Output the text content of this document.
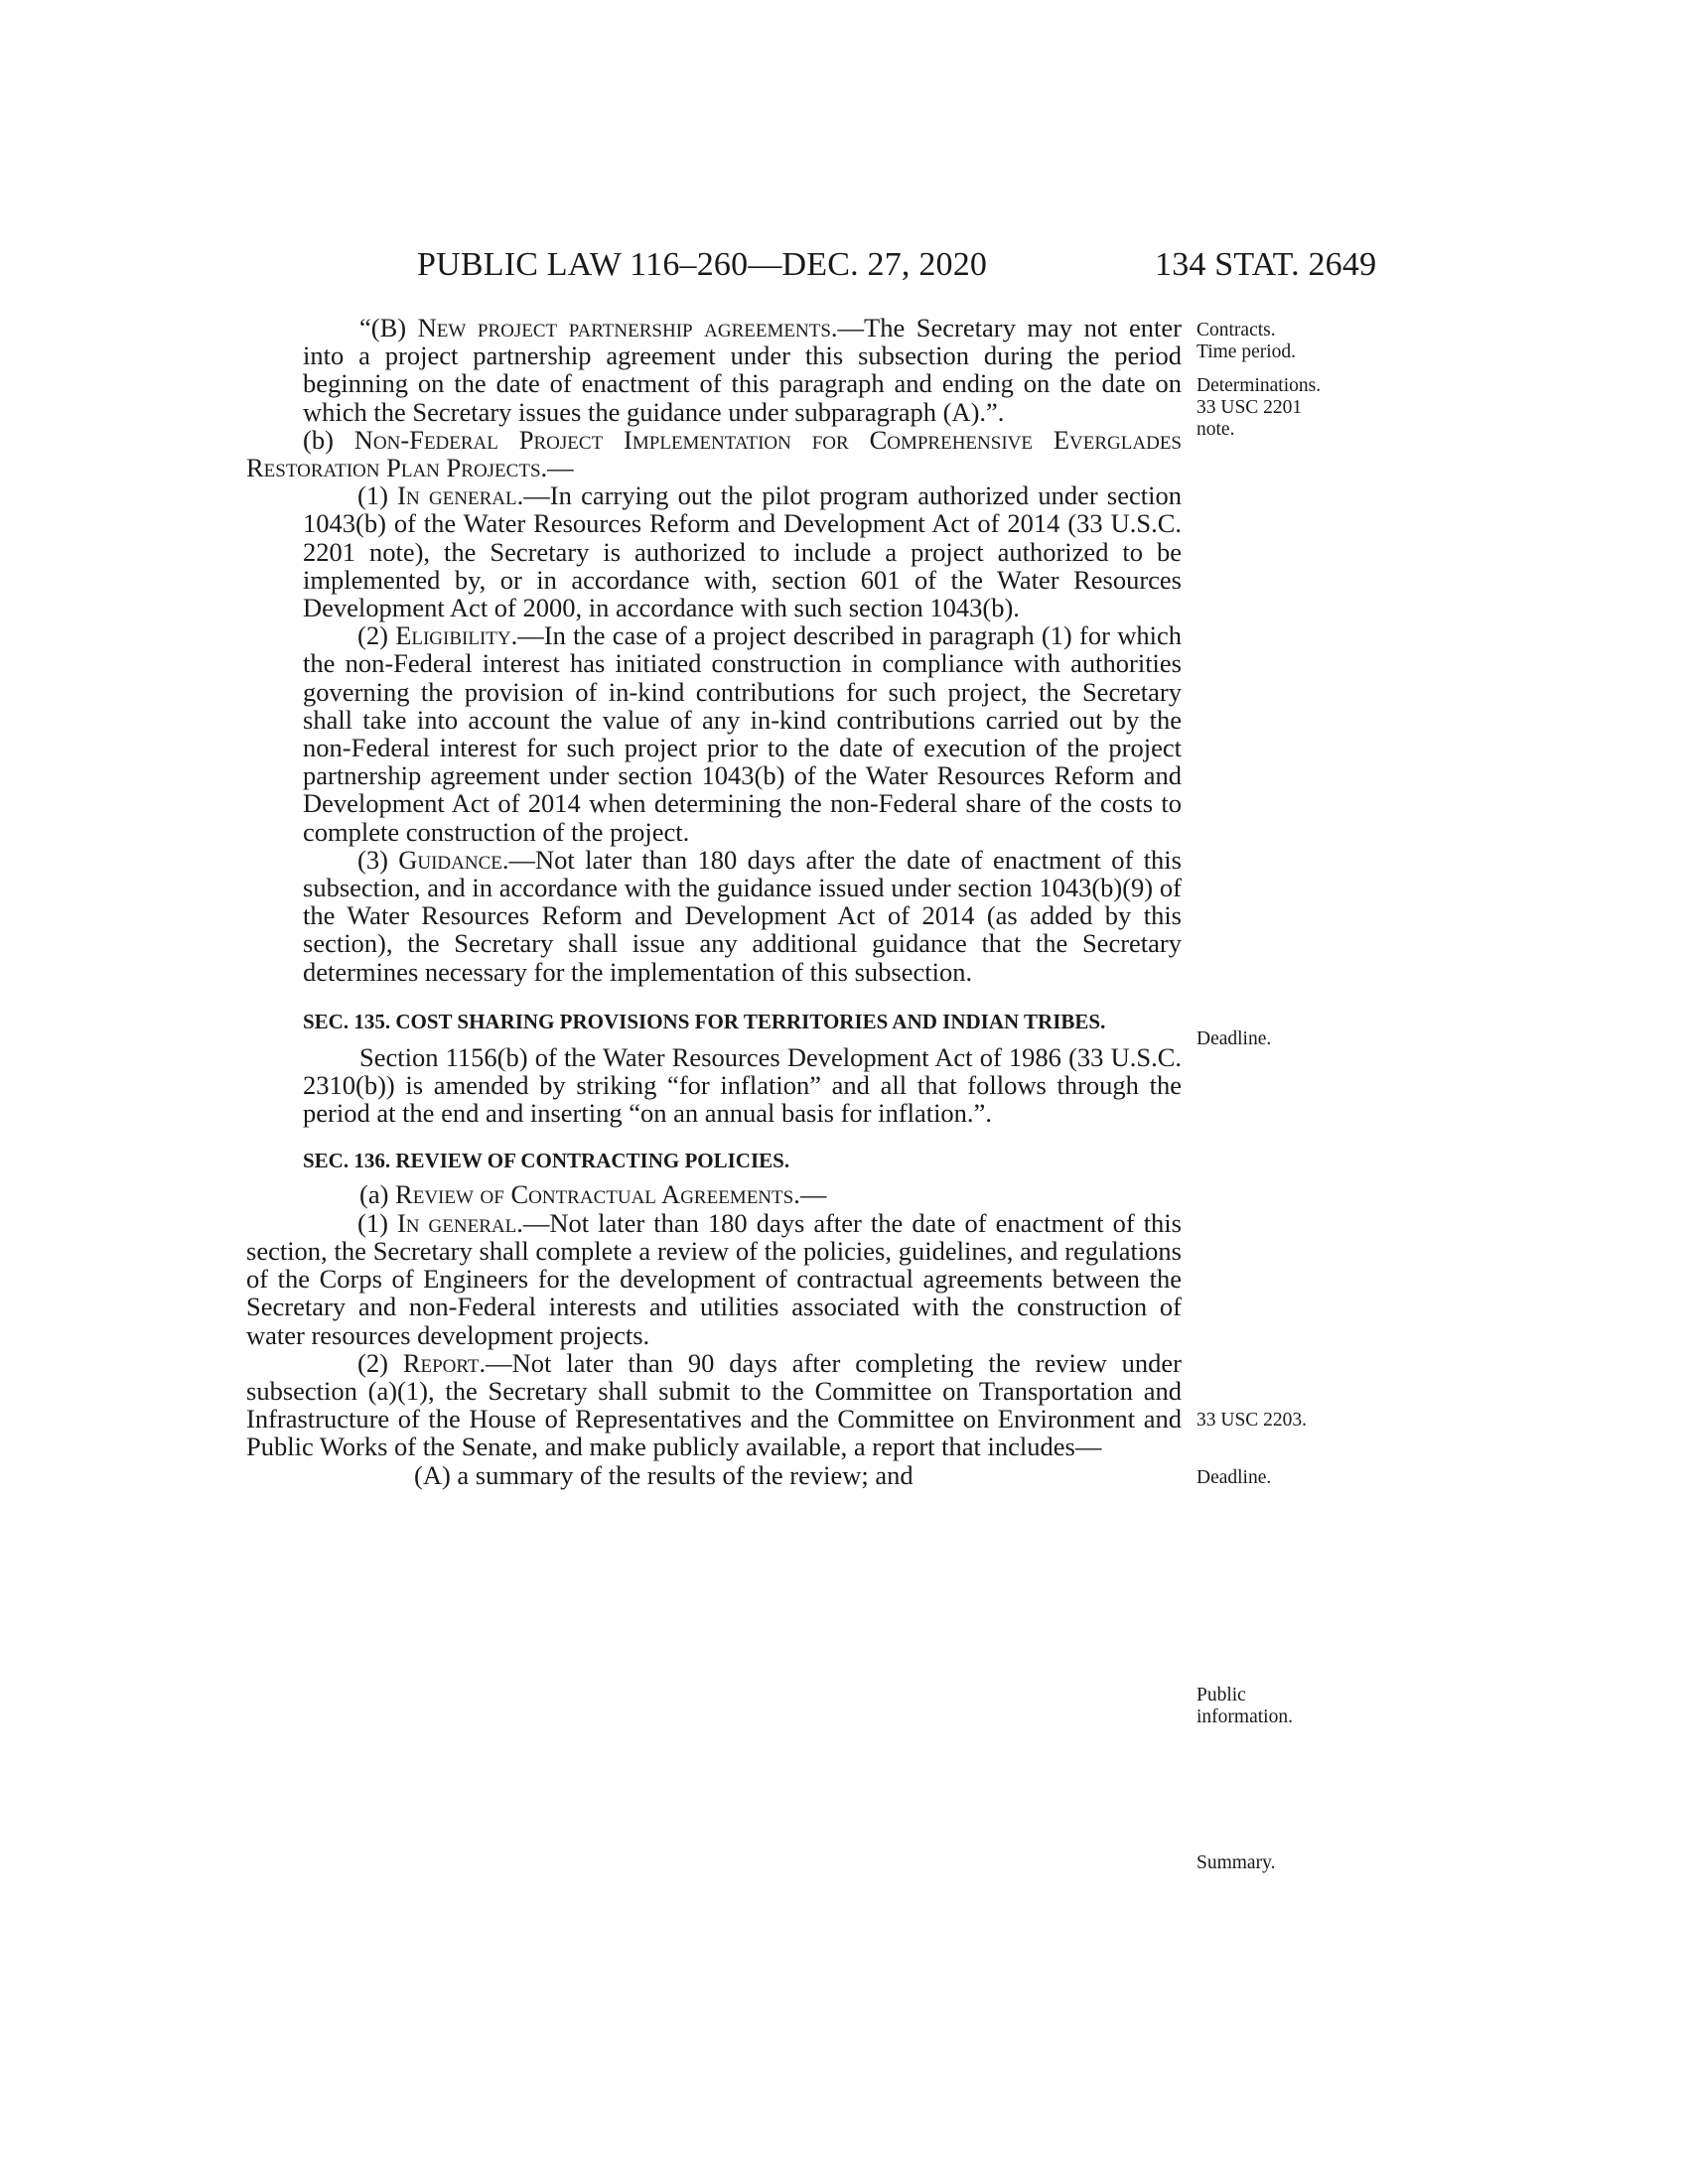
PUBLIC LAW 116–260—DEC. 27, 2020	134 STAT. 2649

“(B) New project partnership agreements.—The Secretary may not enter into a project partnership agreement under this subsection during the period beginning on the date of enactment of this paragraph and ending on the date on which the Secretary issues the guidance under subparagraph (A).”.

(b) Non-Federal Project Implementation for Comprehensive Everglades Restoration Plan Projects.—

(1) In general.—In carrying out the pilot program authorized under section 1043(b) of the Water Resources Reform and Development Act of 2014 (33 U.S.C. 2201 note), the Secretary is authorized to include a project authorized to be implemented by, or in accordance with, section 601 of the Water Resources Development Act of 2000, in accordance with such section 1043(b).

(2) Eligibility.—In the case of a project described in paragraph (1) for which the non-Federal interest has initiated construction in compliance with authorities governing the provision of in-kind contributions for such project, the Secretary shall take into account the value of any in-kind contributions carried out by the non-Federal interest for such project prior to the date of execution of the project partnership agreement under section 1043(b) of the Water Resources Reform and Development Act of 2014 when determining the non-Federal share of the costs to complete construction of the project.

(3) Guidance.—Not later than 180 days after the date of enactment of this subsection, and in accordance with the guidance issued under section 1043(b)(9) of the Water Resources Reform and Development Act of 2014 (as added by this section), the Secretary shall issue any additional guidance that the Secretary determines necessary for the implementation of this subsection.

SEC. 135. COST SHARING PROVISIONS FOR TERRITORIES AND INDIAN TRIBES.

Section 1156(b) of the Water Resources Development Act of 1986 (33 U.S.C. 2310(b)) is amended by striking “for inflation” and all that follows through the period at the end and inserting “on an annual basis for inflation.”.

SEC. 136. REVIEW OF CONTRACTING POLICIES.

(a) Review of Contractual Agreements.—

(1) In general.—Not later than 180 days after the date of enactment of this section, the Secretary shall complete a review of the policies, guidelines, and regulations of the Corps of Engineers for the development of contractual agreements between the Secretary and non-Federal interests and utilities associated with the construction of water resources development projects.

(2) Report.—Not later than 90 days after completing the review under subsection (a)(1), the Secretary shall submit to the Committee on Transportation and Infrastructure of the House of Representatives and the Committee on Environment and Public Works of the Senate, and make publicly available, a report that includes—

(A) a summary of the results of the review; and

Contracts.
Time period.
Determinations.
33 USC 2201
note.
Deadline.
33 USC 2203.
Deadline.
Public
information.
Summary.
